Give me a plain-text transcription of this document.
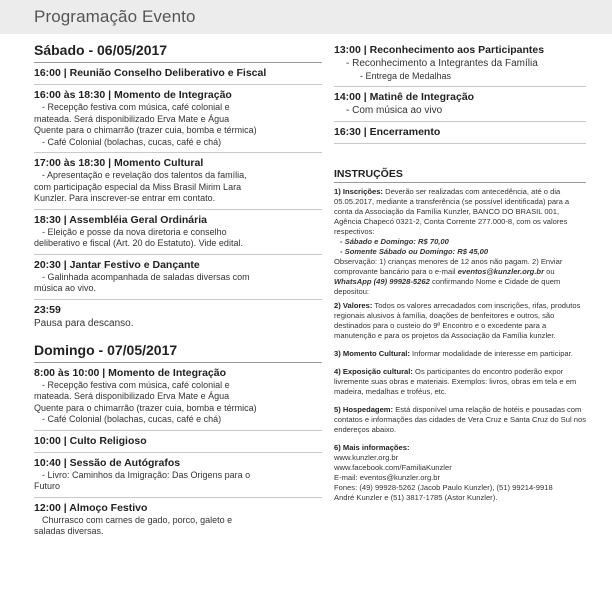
Programação Evento
Sábado - 06/05/2017
16:00 | Reunião Conselho Deliberativo e Fiscal
16:00 às 18:30 | Momento de Integração
- Recepção festiva com música, café colonial e
mateada. Será disponibilizado Erva Mate e Água
Quente para o chimarrão (trazer cuia, bomba e térmica)
- Café Colonial (bolachas, cucas, café e chá)
17:00 às 18:30 | Momento Cultural
- Apresentação e revelação dos talentos da família,
com participação especial da Miss Brasil Mirim Lara
Kunzler. Para inscrever-se entrar em contato.
18:30 | Assembléia Geral Ordinária
- Eleição e posse da nova diretoria e conselho
deliberativo e fiscal (Art. 20 do Estatuto). Vide edital.
20:30 | Jantar Festivo e Dançante
- Galinhada acompanhada de saladas diversas com
música ao vivo.
23:59
Pausa para descanso.
Domingo - 07/05/2017
8:00 às 10:00 | Momento de Integração
- Recepção festiva com música, café colonial e
mateada. Será disponibilizado Erva Mate e Água
Quente para o chimarrão (trazer cuia, bomba e térmica)
- Café Colonial (bolachas, cucas, café e chá)
10:00 | Culto Religioso
10:40 | Sessão de Autógrafos
- Livro: Caminhos da Imigração: Das Origens para o
Futuro
12:00 | Almoço Festivo
Churrasco com carnes de gado, porco, galeto e
saladas diversas.
13:00 | Reconhecimento aos Participantes
- Reconhecimento a Integrantes da Família
- Entrega de Medalhas
14:00 | Matinê de Integração
- Com música ao vivo
16:30 | Encerramento
INSTRUÇÕES

1) Inscrições: Deverão ser realizadas com antecedência, até o dia 05.05.2017, mediante a transferência (se possível identificada) para a conta da Associação da Família Kunzler, BANCO DO BRASIL 001, Agência Chapecó 0321-2, Conta Corrente 277.000-8, com os valores respectivos:

- Sábado e Domingo: R$ 70,00

- Somente Sábado ou Domingo: R$ 45,00

Observação: 1) crianças menores de 12 anos não pagam. 2) Enviar comprovante bancário para o e-mail eventos@kunzler.org.br ou WhatsApp (49) 99928-5262 confirmando Nome e Cidade de quem depositou:

2) Valores: Todos os valores arrecadados com inscrições, rifas, produtos regionais alusivos à família, doações de benfeitores e outros, são destinados para o custeio do 9º Encontro e o excedente para a manutenção e para os projetos da Associação da Família kunzler.

3) Momento Cultural: Informar modalidade de interesse em participar.

4) Exposição cultural: Os participantes do encontro poderão expor livremente suas obras e materiais. Exemplos: livros, obras em tela e em madeira, medalhas e troféus, etc.

5) Hospedagem: Está disponível uma relação de hotéis e pousadas com contatos e informações das cidades de Vera Cruz e Santa Cruz do Sul nos endereços abaixo.

6) Mais informações:

www.kunzler.org.br

www.facebook.com/FamiliaKunzler

E-mail: eventos@kunzler.org.br

Fones: (49) 99928-5262 (Jacob Paulo Kunzler), (51) 99214-9918

André Kunzler e (51) 3817-1785 (Astor Kunzler).
